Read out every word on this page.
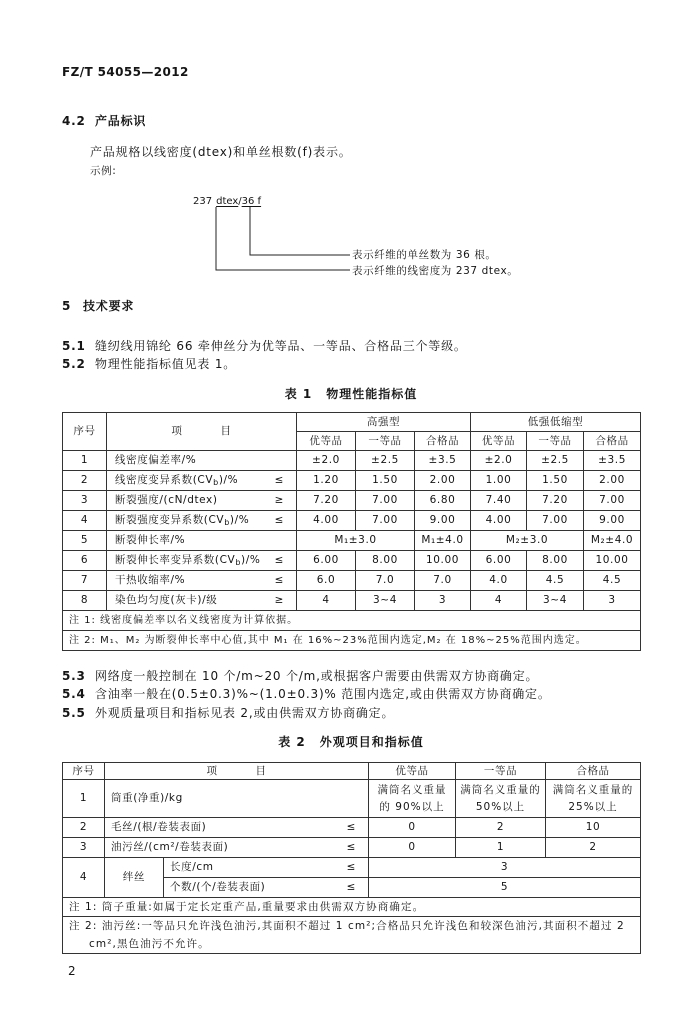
FZ/T 54055—2012
4.2 产品标识
产品规格以线密度(dtex)和单丝根数(f)表示。
示例:
237 dtex/36 f
表示纤维的单丝数为 36 根。
表示纤维的线密度为 237 dtex。
5 技术要求
5.1 缝纫线用锦纶 66 牵伸丝分为优等品、一等品、合格品三个等级。
5.2 物理性能指标值见表 1。
表 1 物理性能指标值
序号	项 目	高强型			低强低缩型		
		优等品	一等品	合格品	优等品	一等品	合格品
1	线密度偏差率/%	±2.0	±2.5	±3.5	±2.0	±2.5	±3.5
2	线密度变异系数$(CV_b)/\%$ ≤	1.20	1.50	2.00	1.00	1.50	2.00
3	断裂强度/(cN/dtex) ≥	7.20	7.00	6.80	7.40	7.20	7.00
4	断裂强度变异系数$(CV_b)/\%$ ≤	4.00	7.00	9.00	4.00	7.00	9.00
5	断裂伸长率/%	M₁±3.0		M₁±4.0	M₂±3.0		M₂±4.0
6	断裂伸长率变异系数$(CV_b)/\%$ ≤	6.00	8.00	10.00	6.00	8.00	10.00
7	干热收缩率/% ≤	6.0	7.0	7.0	4.0	4.5	4.5
8	染色均匀度(灰卡)/级 ≥	4	3~4	3	4	3~4	3
注 1: 线密度偏差率以名义线密度为计算依据。							
注 2: M₁、M₂ 为断裂伸长率中心值,其中 M₁ 在 16%~23%范围内选定,M₂ 在 18%~25%范围内选定。							
5.3 网络度一般控制在 10 个/m~20 个/m,或根据客户需要由供需双方协商确定。
5.4 含油率一般在(0.5±0.3)%~(1.0±0.3)% 范围内选定,或由供需双方协商确定。
5.5 外观质量项目和指标见表 2,或由供需双方协商确定。
表 2 外观项目和指标值
序号	项 目		优等品	一等品	合格品
1	筒重(净重)/kg		满筒名义重量的 90%以上	满筒名义重量的 50%以上	满筒名义重量的 25%以上
2	毛丝/(根/卷装表面) ≤		0	2	10
3	油污丝/(cm²/卷装表面) ≤		0	1	2
4	绊丝	长度/cm ≤	3		

		个数/(个/卷装表面) ≤	5		
注 1: 筒子重量:如属于定长定重产品,重量要求由供需双方协商确定。					
注 2: 油污丝:一等品只允许浅色油污,其面积不超过 1 cm²;合格品只允许浅色和较深色油污,其面积不超过 2 cm²,黑色油污不允许。					
2
